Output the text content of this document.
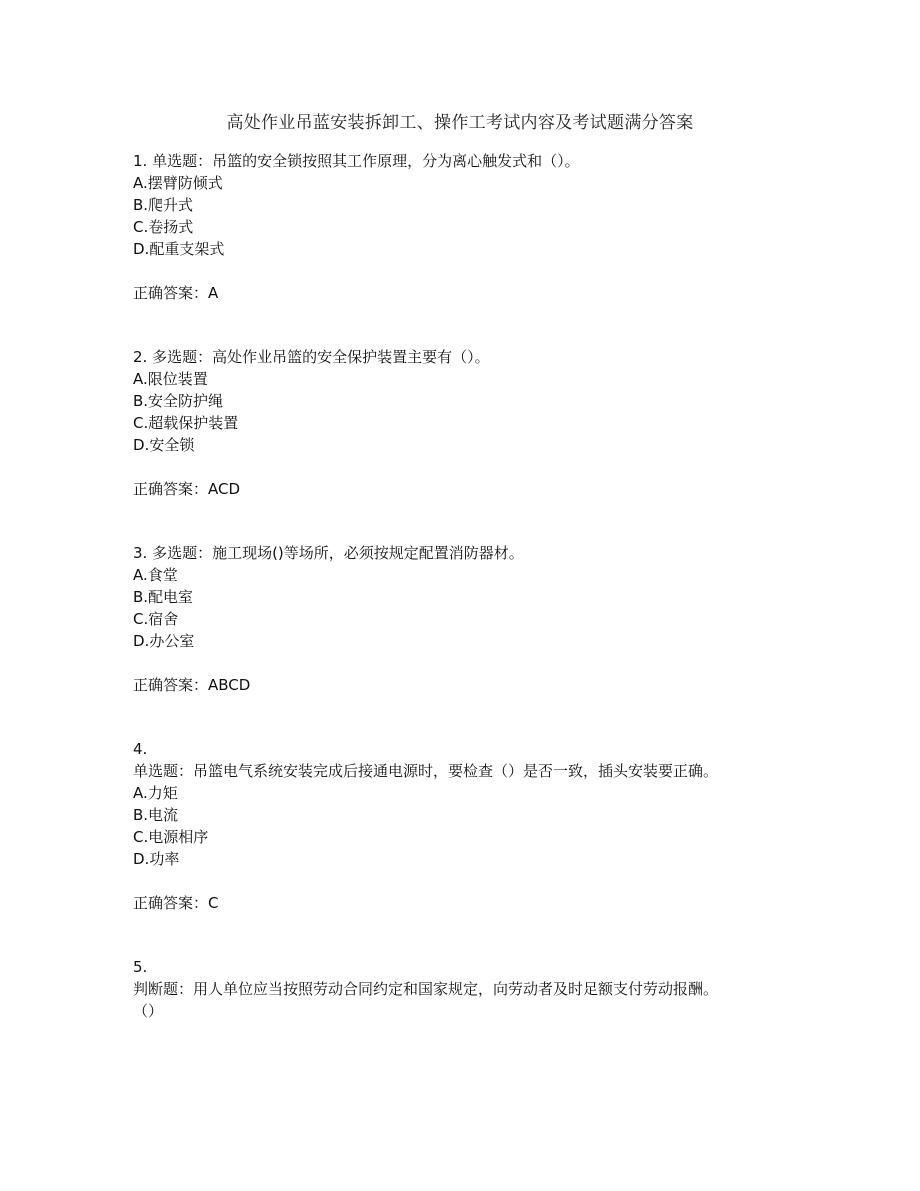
高处作业吊蓝安装拆卸工、操作工考试内容及考试题满分答案
1. 单选题：吊篮的安全锁按照其工作原理，分为离心触发式和（）。
A.摆臂防倾式
B.爬升式
C.卷扬式
D.配重支架式
正确答案：A
2. 多选题：高处作业吊篮的安全保护装置主要有（）。
A.限位装置
B.安全防护绳
C.超载保护装置
D.安全锁
正确答案：ACD
3. 多选题：施工现场()等场所，必须按规定配置消防器材。
A.食堂
B.配电室
C.宿舍
D.办公室
正确答案：ABCD
4.
单选题：吊篮电气系统安装完成后接通电源时，要检查（）是否一致，插头安装要正确。
A.力矩
B.电流
C.电源相序
D.功率
正确答案：C
5.
判断题：用人单位应当按照劳动合同约定和国家规定，向劳动者及时足额支付劳动报酬。
（）
